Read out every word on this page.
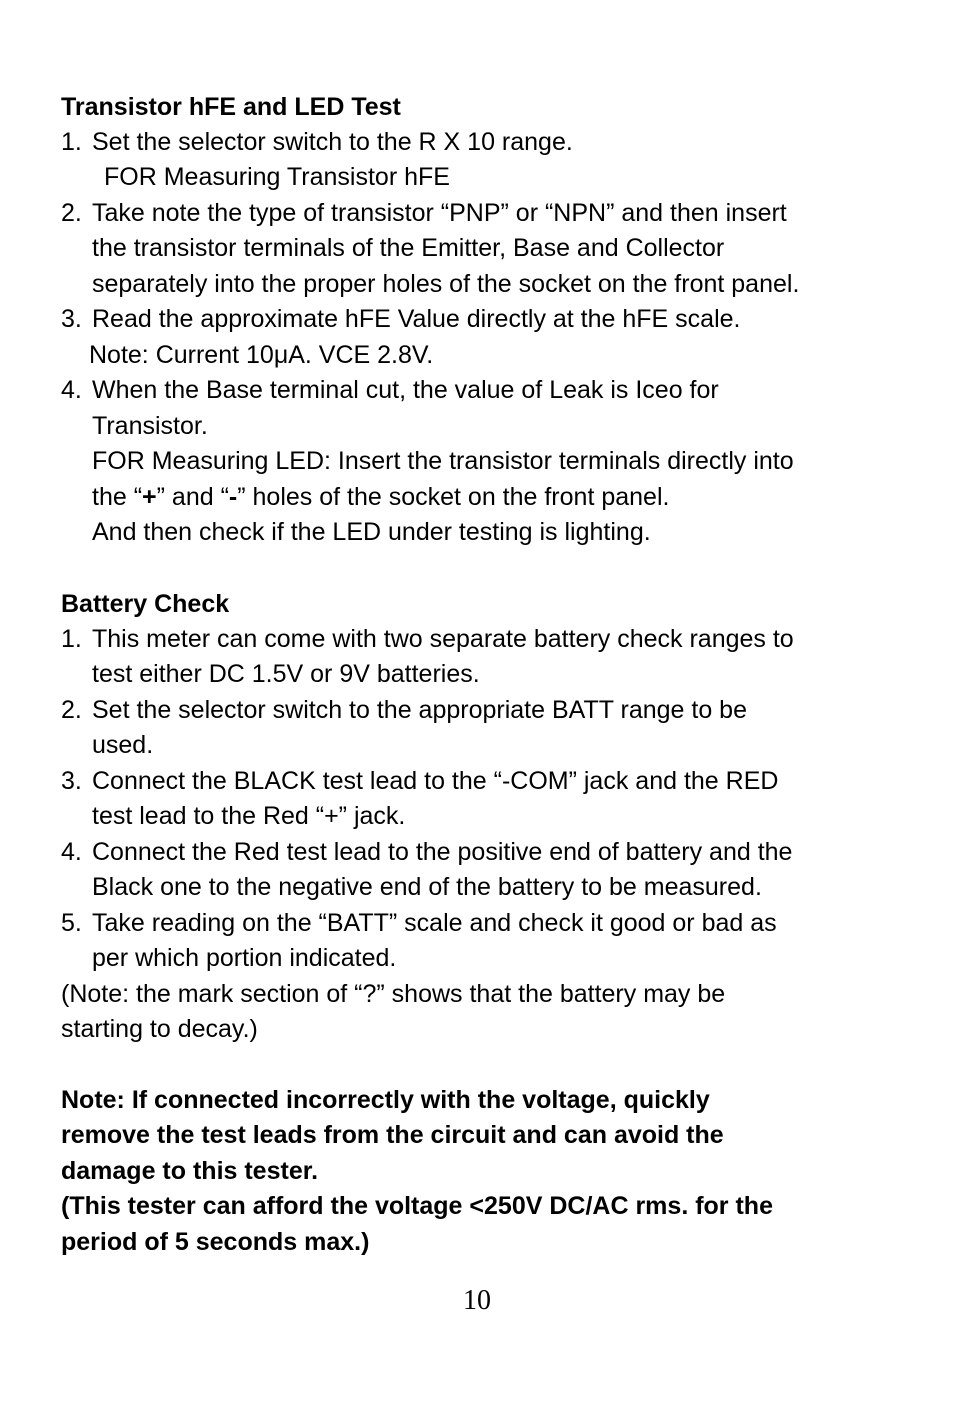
Transistor hFE and LED Test
1. Set the selector switch to the R X 10 range.
FOR Measuring Transistor hFE
2. Take note the type of transistor “PNP” or “NPN” and then insert
the transistor terminals of the Emitter, Base and Collector
separately into the proper holes of the socket on the front panel.
3. Read the approximate hFE Value directly at the hFE scale.
Note: Current 10μA. VCE 2.8V.
4. When the Base terminal cut, the value of Leak is Iceo for
Transistor.
FOR Measuring LED: Insert the transistor terminals directly into
the “+” and “-” holes of the socket on the front panel.
And then check if the LED under testing is lighting.
Battery Check
1. This meter can come with two separate battery check ranges to
test either DC 1.5V or 9V batteries.
2. Set the selector switch to the appropriate BATT range to be
used.
3. Connect the BLACK test lead to the “-COM” jack and the RED
test lead to the Red “+” jack.
4. Connect the Red test lead to the positive end of battery and the
Black one to the negative end of the battery to be measured.
5. Take reading on the “BATT” scale and check it good or bad as
per which portion indicated.
(Note: the mark section of “?” shows that the battery may be
starting to decay.)
Note: If connected incorrectly with the voltage, quickly
remove the test leads from the circuit and can avoid the
damage to this tester.
(This tester can afford the voltage <250V DC/AC rms. for the
period of 5 seconds max.)
10
